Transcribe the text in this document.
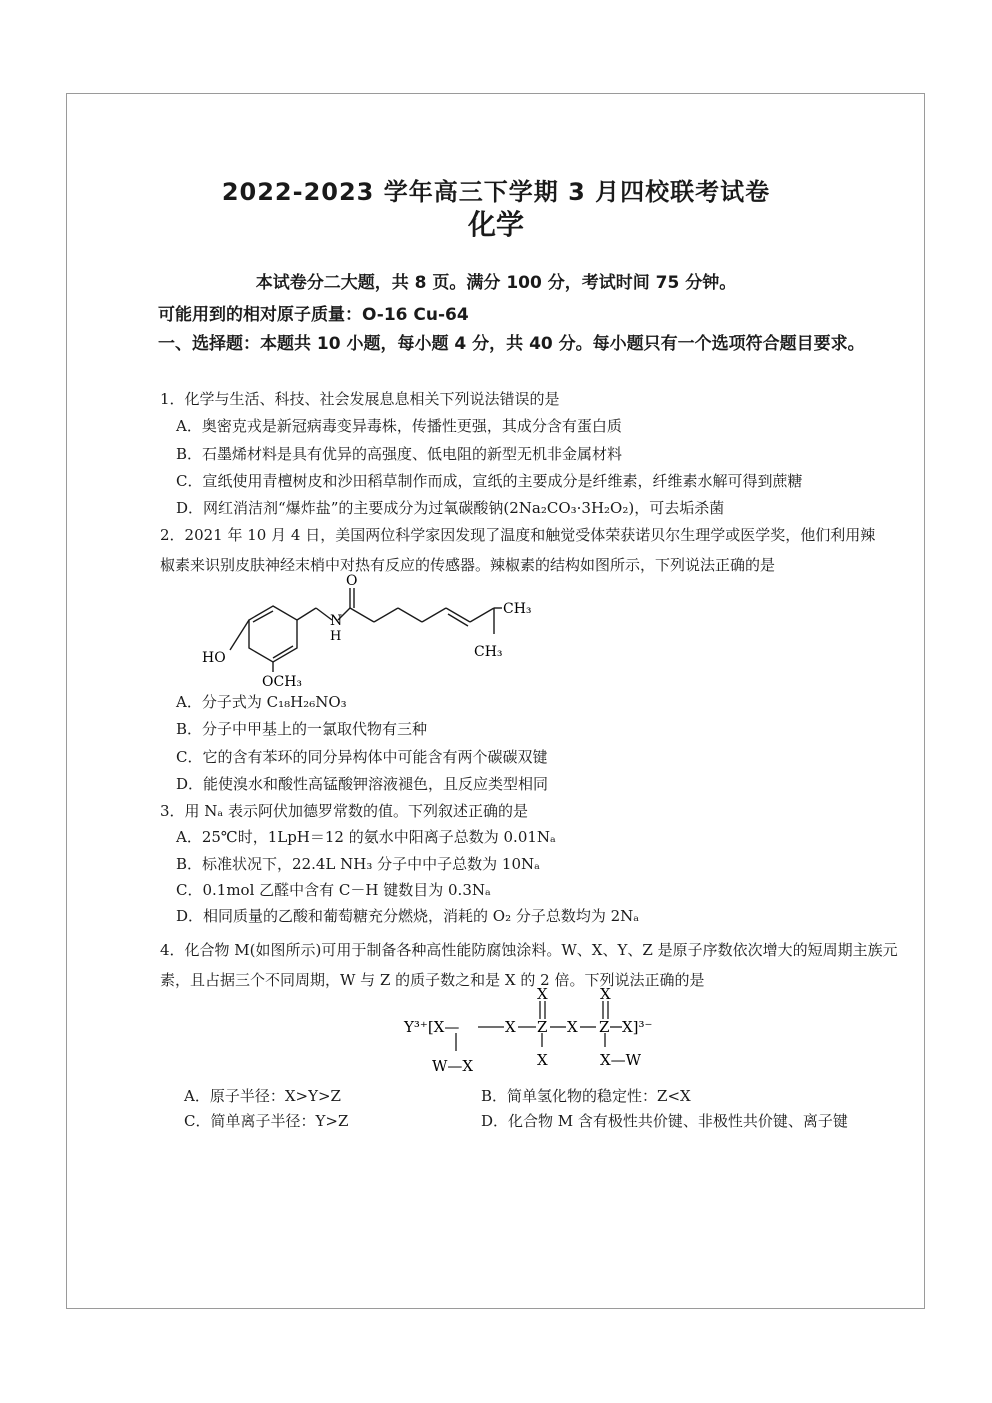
2022-2023 学年高三下学期 3 月四校联考试卷
化学
本试卷分二大题，共 8 页。满分 100 分，考试时间 75 分钟。
可能用到的相对原子质量：O-16 Cu-64
一、选择题：本题共 10 小题，每小题 4 分，共 40 分。每小题只有一个选项符合题目要求。
1．化学与生活、科技、社会发展息息相关下列说法错误的是
A．奥密克戎是新冠病毒变异毒株，传播性更强，其成分含有蛋白质
B．石墨烯材料是具有优异的高强度、低电阻的新型无机非金属材料
C．宣纸使用青檀树皮和沙田稻草制作而成，宣纸的主要成分是纤维素，纤维素水解可得到蔗糖
D．网红消洁剂“爆炸盐”的主要成分为过氧碳酸钠(2Na₂CO₃·3H₂O₂)，可去垢杀菌
2．2021 年 10 月 4 日，美国两位科学家因发现了温度和触觉受体荣获诺贝尔生理学或医学奖，他们利用辣椒素来识别皮肤神经末梢中对热有反应的传感器。辣椒素的结构如图所示，下列说法正确的是
O
N
H
CH₃
CH₃
HO
OCH₃
A．分子式为 C₁₈H₂₆NO₃
B．分子中甲基上的一氯取代物有三种
C．它的含有苯环的同分异构体中可能含有两个碳碳双键
D．能使溴水和酸性高锰酸钾溶液褪色，且反应类型相同
3．用 Nₐ 表示阿伏加德罗常数的值。下列叙述正确的是
A．25℃时，1LpH＝12 的氨水中阳离子总数为 0.01Nₐ
B．标准状况下，22.4L NH₃ 分子中中子总数为 10Nₐ
C．0.1mol 乙醛中含有 C－H 键数目为 0.3Nₐ
D．相同质量的乙酸和葡萄糖充分燃烧，消耗的 O₂ 分子总数均为 2Nₐ
4．化合物 M(如图所示)可用于制备各种高性能防腐蚀涂料。W、X、Y、Z 是原子序数依次增大的短周期主族元素，且占据三个不同周期，W 与 Z 的质子数之和是 X 的 2 倍。下列说法正确的是
Y³⁺[X—	X Z X Z X]³⁻
X	X
X	X—W
W—X
A．原子半径：X>Y>Z	B．简单氢化物的稳定性：Z<X
C．简单离子半径：Y>Z	D．化合物 M 含有极性共价键、非极性共价键、离子键
